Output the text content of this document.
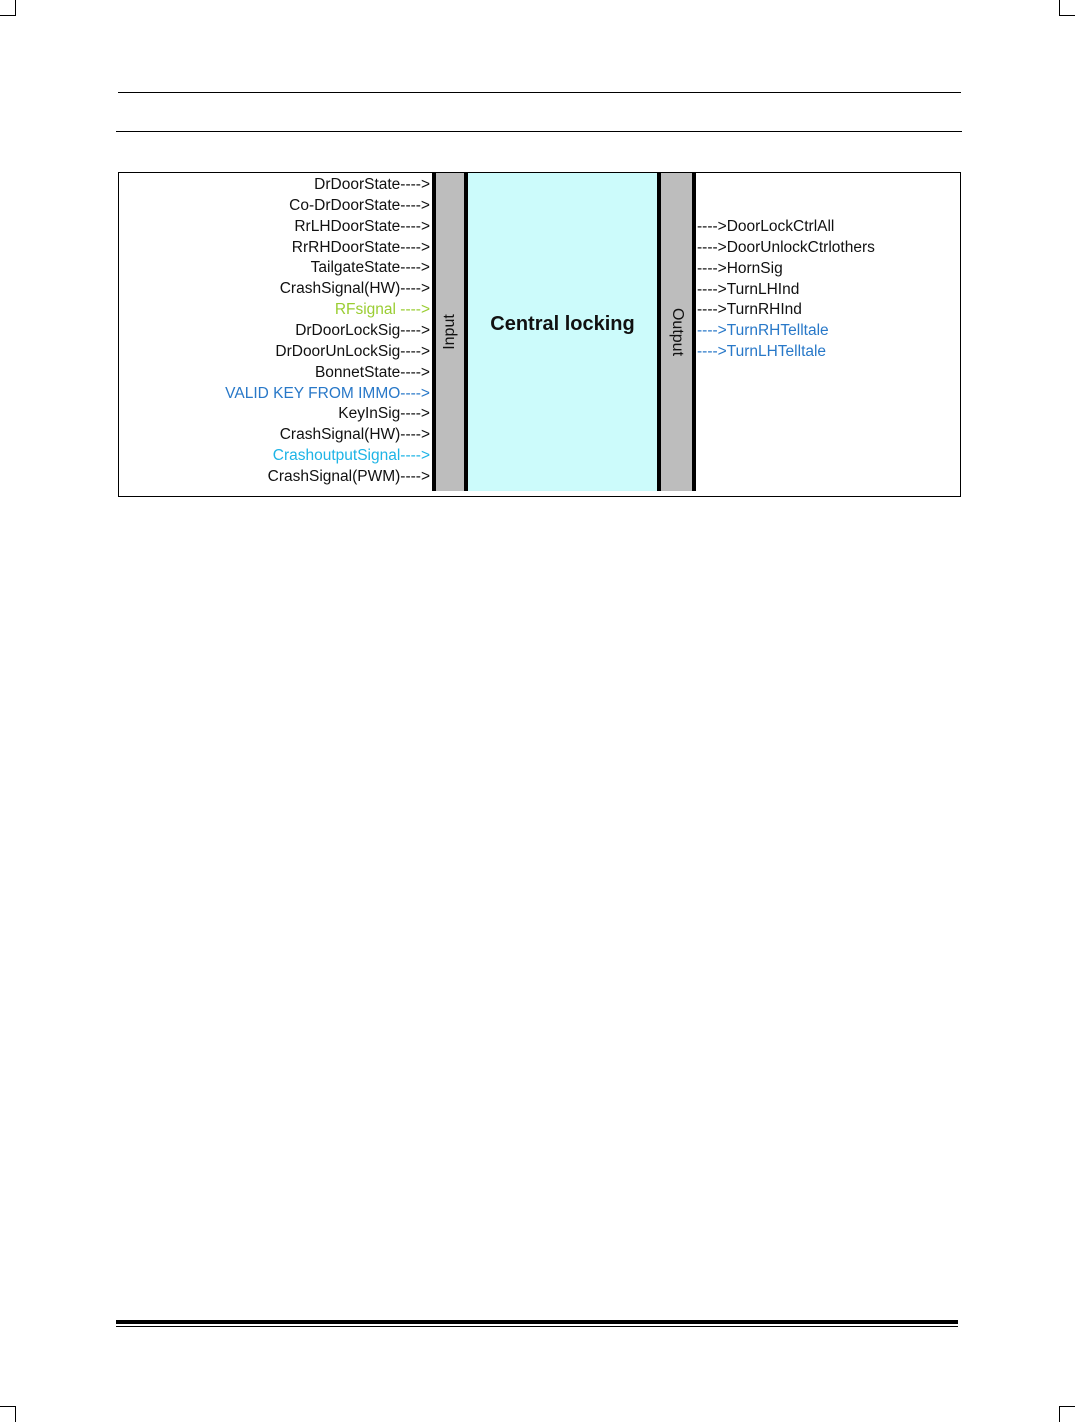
DrDoorState---->
Co-DrDoorState---->
RrLHDoorState---->
RrRHDoorState---->
TailgateState---->
CrashSignal(HW)---->
RFsignal ---->
DrDoorLockSig---->
DrDoorUnLockSig---->
BonnetState---->
VALID KEY FROM IMMO---->
KeyInSig---->
CrashSignal(HW)---->
CrashoutputSignal---->
CrashSignal(PWM)---->
Input Central locking Output
---->DoorLockCtrlAll
---->DoorUnlockCtrlothers
---->HornSig
---->TurnLHInd
---->TurnRHInd
---->TurnRHTelltale
---->TurnLHTelltale
